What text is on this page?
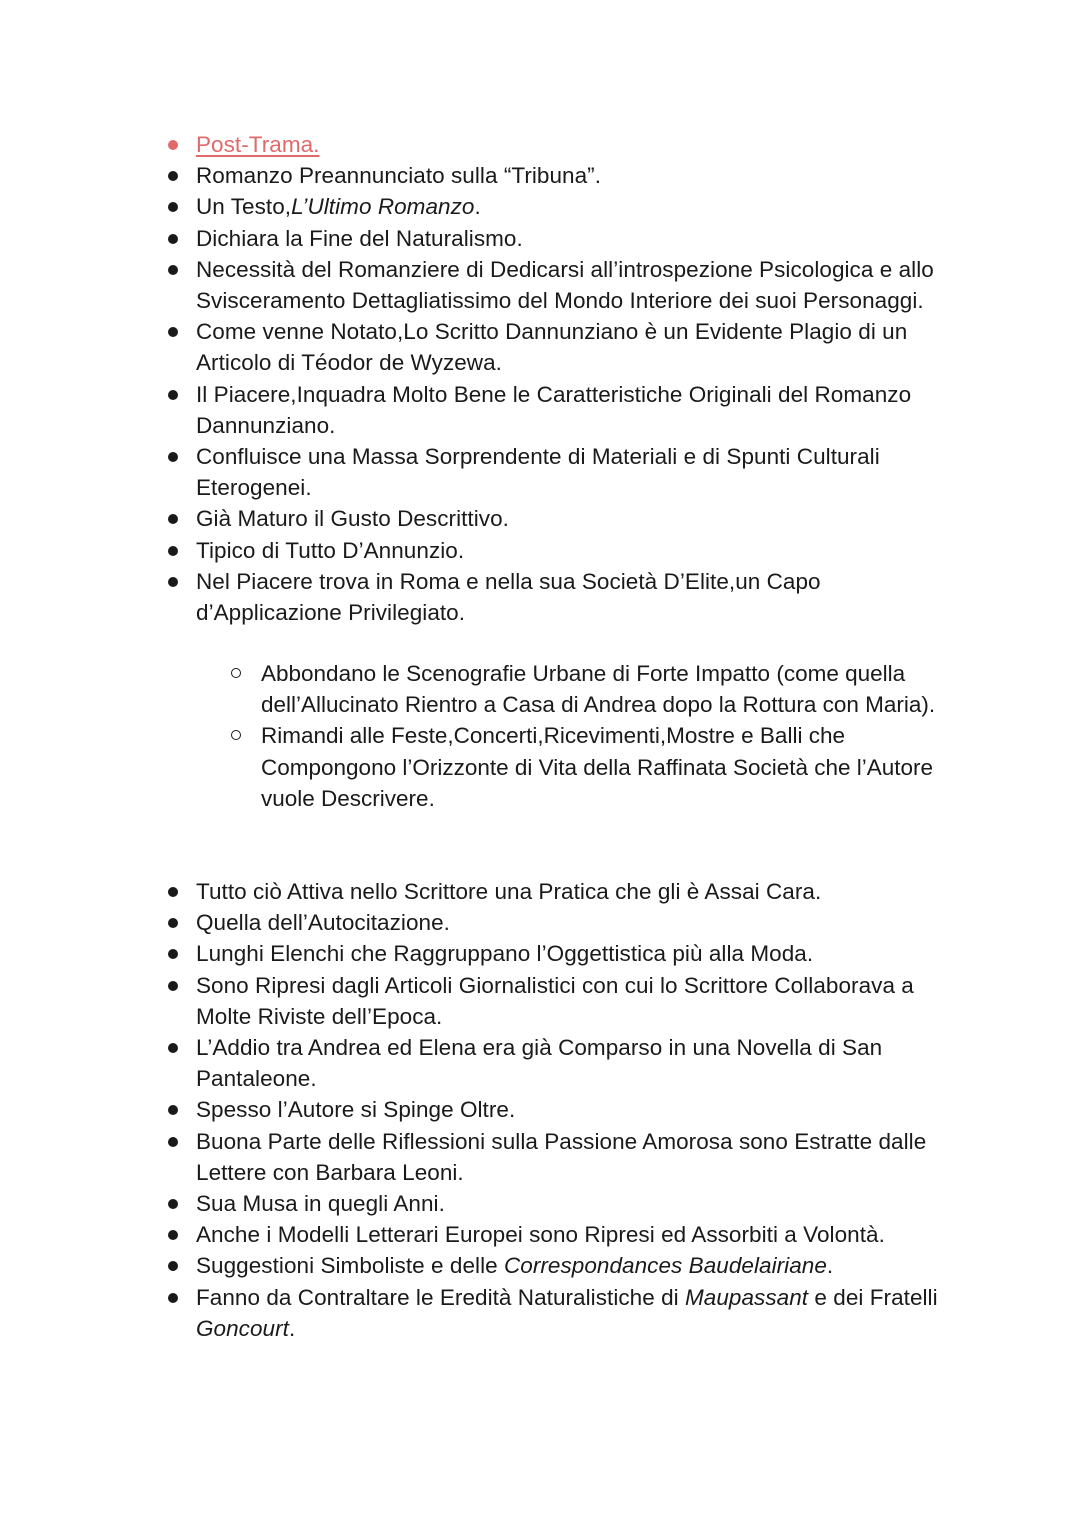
Post-Trama.
Romanzo Preannunciato sulla “Tribuna”.
Un Testo,L’Ultimo Romanzo.
Dichiara la Fine del Naturalismo.
Necessità del Romanziere di Dedicarsi all’introspezione Psicologica e allo Svisceramento Dettagliatissimo del Mondo Interiore dei suoi Personaggi.
Come venne Notato,Lo Scritto Dannunziano è un Evidente Plagio di un Articolo di Téodor de Wyzewa.
Il Piacere,Inquadra Molto Bene le Caratteristiche Originali del Romanzo Dannunziano.
Confluisce una Massa Sorprendente di Materiali e di Spunti Culturali Eterogenei.
Già Maturo il Gusto Descrittivo.
Tipico di Tutto D’Annunzio.
Nel Piacere trova in Roma e nella sua Società D’Elite,un Capo d’Applicazione Privilegiato.
Abbondano le Scenografie Urbane di Forte Impatto (come quella dell’Allucinato Rientro a Casa di Andrea dopo la Rottura con Maria).
Rimandi alle Feste,Concerti,Ricevimenti,Mostre e Balli che Compongono l’Orizzonte di Vita della Raffinata Società che l’Autore vuole Descrivere.
Tutto ciò Attiva nello Scrittore una Pratica che gli è Assai Cara.
Quella dell’Autocitazione.
Lunghi Elenchi che Raggruppano l’Oggettistica più alla Moda.
Sono Ripresi dagli Articoli Giornalistici con cui lo Scrittore Collaborava a Molte Riviste dell’Epoca.
L’Addio tra Andrea ed Elena era già Comparso in una Novella di San Pantaleone.
Spesso l’Autore si Spinge Oltre.
Buona Parte delle Riflessioni sulla Passione Amorosa sono Estratte dalle Lettere con Barbara Leoni.
Sua Musa in quegli Anni.
Anche i Modelli Letterari Europei sono Ripresi ed Assorbiti a Volontà.
Suggestioni Simboliste e delle Correspondances Baudelairiane.
Fanno da Contraltare le Eredità Naturalistiche di Maupassant e dei Fratelli Goncourt.
